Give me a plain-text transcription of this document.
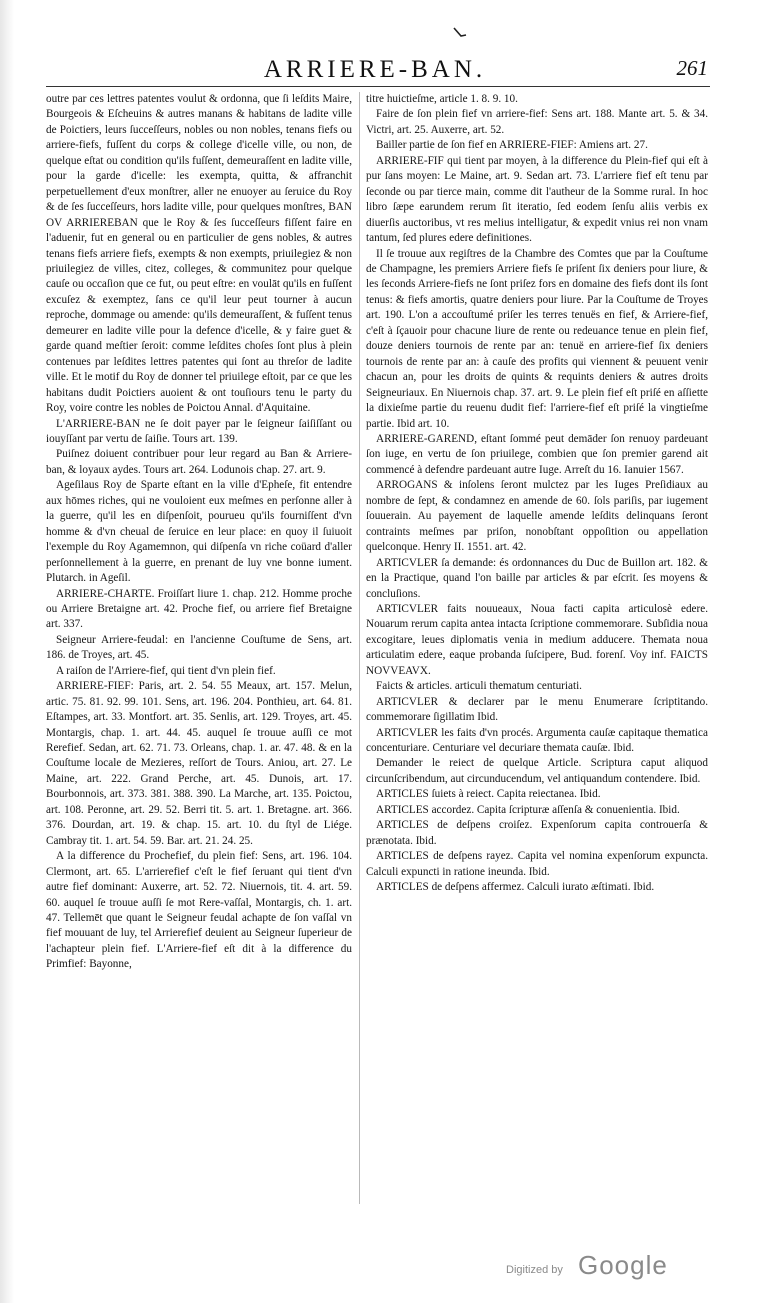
ARRIERE-BAN.	261

outre par ces lettres patentes voulut & ordonna, que ſi leſdits Maire, Bourgeois & Eſcheuins & autres manans & habitans de ladite ville de Poictiers, leurs ſucceſſeurs, nobles ou non nobles, tenans fiefs ou arriere-fiefs, fuſſent du corps & college d'icelle ville, ou non, de quelque eſtat ou condition qu'ils fuſſent, demeuraſſent en ladite ville, pour la garde d'icelle: les exempta, quitta, & affranchit perpetuellement d'eux monſtrer, aller ne enuoyer au ſeruice du Roy & de ſes ſucceſſeurs, hors ladite ville, pour quelques monſtres, BAN OV ARRIEREBAN que le Roy & ſes ſucceſſeurs fiſſent faire en l'aduenir, fut en general ou en particulier de gens nobles, & autres tenans fiefs arriere fiefs, exempts & non exempts, priuilegiez & non priuilegiez de villes, citez, colleges, & communitez pour quelque cauſe ou occaſion que ce fut, ou peut eſtre: en voulāt qu'ils en fuſſent excuſez & exemptez, ſans ce qu'il leur peut tourner à aucun reproche, dommage ou amende: qu'ils demeuraſſent, & fuſſent tenus demeurer en ladite ville pour la defence d'icelle, & y faire guet & garde quand meſtier ſeroit: comme leſdites choſes ſont plus à plein contenues par leſdites lettres patentes qui ſont au threſor de ladite ville. Et le motif du Roy de donner tel priuilege eſtoit, par ce que les habitans dudit Poictiers auoient & ont touſiours tenu le party du Roy, voire contre les nobles de Poictou Annal. d'Aquitaine.

L'ARRIERE-BAN ne ſe doit payer par le ſeigneur ſaiſiſſant ou iouyſſant par vertu de ſaiſie. Tours art. 139.

Puiſnez doiuent contribuer pour leur regard au Ban & Arriere-ban, & loyaux aydes. Tours art. 264. Lodunois chap. 27. art. 9.

Ageſilaus Roy de Sparte eſtant en la ville d'Epheſe, fit entendre aux hōmes riches, qui ne vouloient eux meſmes en perſonne aller à la guerre, qu'il les en diſpenſoit, pourueu qu'ils fourniſſent d'vn homme & d'vn cheual de ſeruice en leur place: en quoy il ſuiuoit l'exemple du Roy Agamemnon, qui diſpenſa vn riche coüard d'aller perſonnellement à la guerre, en prenant de luy vne bonne iument. Plutarch. in Ageſil.

ARRIERE-CHARTE. Froiſſart liure 1. chap. 212. Homme proche ou Arriere Bretaigne art. 42. Proche fief, ou arriere fief Bretaigne art. 337.

Seigneur Arriere-feudal: en l'ancienne Couſtume de Sens, art. 186. de Troyes, art. 45.

A raiſon de l'Arriere-fief, qui tient d'vn plein fief.

ARRIERE-FIEF: Paris, art. 2. 54. 55 Meaux, art. 157. Melun, artic. 75. 81. 92. 99. 101. Sens, art. 196. 204. Ponthieu, art. 64. 81. Eſtampes, art. 33. Montfort. art. 35. Senlis, art. 129. Troyes, art. 45. Montargis, chap. 1. art. 44. 45. auquel ſe trouue auſſi ce mot Rerefief. Sedan, art. 62. 71. 73. Orleans, chap. 1. ar. 47. 48. & en la Couſtume locale de Mezieres, reſſort de Tours. Aniou, art. 27. Le Maine, art. 222. Grand Perche, art. 45. Dunois, art. 17. Bourbonnois, art. 373. 381. 388. 390. La Marche, art. 135. Poictou, art. 108. Peronne, art. 29. 52. Berri tit. 5. art. 1. Bretagne. art. 366. 376. Dourdan, art. 19. & chap. 15. art. 10. du ſtyl de Liége. Cambray tit. 1. art. 54. 59. Bar. art. 21. 24. 25.

A la difference du Prochefief, du plein fief: Sens, art. 196. 104. Clermont, art. 65. L'arrierefief c'eſt le fief ſeruant qui tient d'vn autre fief dominant: Auxerre, art. 52. 72. Niuernois, tit. 4. art. 59. 60. auquel ſe trouue auſſi ſe mot Rere-vaſſal, Montargis, ch. 1. art. 47. Tellemēt que quant le Seigneur feudal achapte de ſon vaſſal vn fief mouuant de luy, tel Arrierefief deuient au Seigneur ſuperieur de l'achapteur plein fief. L'Arriere-fief eſt dit à la difference du Primfief: Bayonne,

titre huictieſme, article 1. 8. 9. 10.

Faire de ſon plein fief vn arriere-fief: Sens art. 188. Mante art. 5. & 34. Victri, art. 25. Auxerre, art. 52.

Bailler partie de ſon fief en ARRIERE-FIEF: Amiens art. 27.

ARRIERE-FIF qui tient par moyen, à la difference du Plein-fief qui eſt à pur ſans moyen: Le Maine, art. 9. Sedan art. 73. L'arriere fief eſt tenu par ſeconde ou par tierce main, comme dit l'autheur de la Somme rural. In hoc libro ſæpe earundem rerum ſit iteratio, ſed eodem ſenſu aliis verbis ex diuerſis auctoribus, vt res melius intelligatur, & expedit vnius rei non vnam tantum, ſed plures edere definitiones.

Il ſe trouue aux regiſtres de la Chambre des Comtes que par la Couſtume de Champagne, les premiers Arriere fiefs ſe priſent ſix deniers pour liure, & les ſeconds Arriere-fiefs ne ſont priſez fors en domaine des fiefs dont ils ſont tenus: & fiefs amortis, quatre deniers pour liure. Par la Couſtume de Troyes art. 190. L'on a accouſtumé priſer les terres tenuës en fief, & Arriere-fief, c'eſt à ſçauoir pour chacune liure de rente ou redeuance tenue en plein fief, douze deniers tournois de rente par an: tenuë en arriere-fief ſix deniers tournois de rente par an: à cauſe des profits qui viennent & peuuent venir chacun an, pour les droits de quints & requints deniers & autres droits Seigneuriaux. En Niuernois chap. 37. art. 9. Le plein fief eſt priſé en aſſiette la dixieſme partie du reuenu dudit fief: l'arriere-fief eſt priſé la vingtieſme partie. Ibid art. 10.

ARRIERE-GAREND, eſtant ſommé peut demāder ſon renuoy pardeuant ſon iuge, en vertu de ſon priuilege, combien que ſon premier garend ait commencé à defendre pardeuant autre Iuge. Arreſt du 16. Ianuier 1567.

ARROGANS & inſolens ſeront mulctez par les Iuges Preſidiaux au nombre de ſept, & condamnez en amende de 60. ſols pariſis, par iugement ſouuerain. Au payement de laquelle amende leſdits delinquans ſeront contraints meſmes par priſon, nonobſtant oppoſition ou appellation quelconque. Henry II. 1551. art. 42.

ARTICVLER ſa demande: és ordonnances du Duc de Buillon art. 182. & en la Practique, quand l'on baille par articles & par eſcrit. ſes moyens & concluſions.

ARTICVLER faits nouueaux, Noua facti capita articulosè edere. Nouarum rerum capita antea intacta ſcriptione commemorare. Subſidia noua excogitare, leues diplomatis venia in medium adducere. Themata noua articulatim edere, eaque probanda ſuſcipere, Bud. forenſ. Voy inf. FAICTS NOVVEAVX.

Faicts & articles. articuli thematum centuriati.

ARTICVLER & declarer par le menu Enumerare ſcriptitando. commemorare ſigillatim Ibid.

ARTICVLER les faits d'vn procés. Argumenta cauſæ capitaque thematica concenturiare. Centuriare vel decuriare themata cauſæ. Ibid.

Demander le reiect de quelque Article. Scriptura caput aliquod circunſcribendum, aut circunducendum, vel antiquandum contendere. Ibid.

ARTICLES ſuiets à reiect. Capita reiectanea. Ibid.

ARTICLES accordez. Capita ſcripturæ aſſenſa & conuenientia. Ibid.

ARTICLES de deſpens croiſez. Expenſorum capita controuerſa & prænotata. Ibid.

ARTICLES de deſpens rayez. Capita vel nomina expenſorum expuncta. Calculi expuncti in ratione ineunda. Ibid.

ARTICLES de deſpens affermez. Calculi iurato æſtimati. Ibid.

Digitized by Google
